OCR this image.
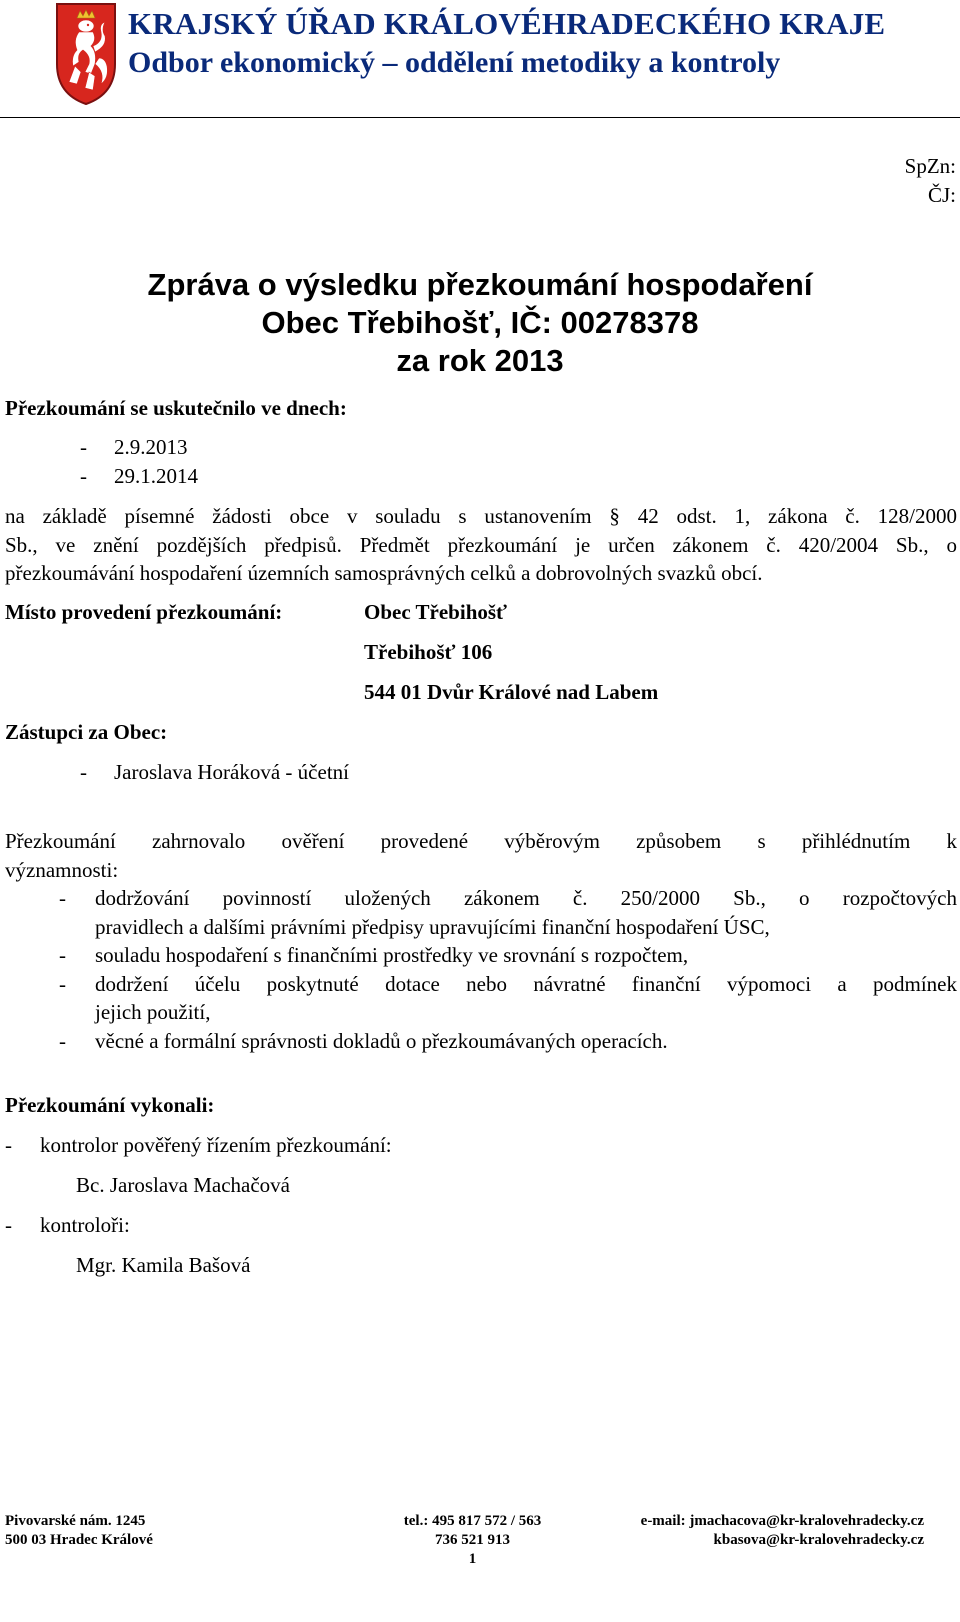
KRAJSKÝ ÚŘAD KRÁLOVÉHRADECKÉHO KRAJE
Odbor ekonomický – oddělení metodiky a kontroly
SpZn:
ČJ:
Zpráva o výsledku přezkoumání hospodaření
Obec Třebihošť, IČ: 00278378
za rok 2013
Přezkoumání se uskutečnilo ve dnech:
- 2.9.2013
- 29.1.2014
na základě písemné žádosti obce v souladu s ustanovením § 42 odst. 1, zákona č. 128/2000
Sb., ve znění pozdějších předpisů. Předmět přezkoumání je určen zákonem č. 420/2004 Sb., o
přezkoumávání hospodaření územních samosprávných celků a dobrovolných svazků obcí.
Místo provedení přezkoumání:	Obec Třebihošť
Třebihošť 106
544 01 Dvůr Králové nad Labem
Zástupci za Obec:
- Jaroslava Horáková - účetní
Přezkoumání zahrnovalo ověření provedené výběrovým způsobem s přihlédnutím k
významnosti:
- dodržování povinností uložených zákonem č. 250/2000 Sb., o rozpočtových
pravidlech a dalšími právními předpisy upravujícími finanční hospodaření ÚSC,
- souladu hospodaření s finančními prostředky ve srovnání s rozpočtem,
- dodržení účelu poskytnuté dotace nebo návratné finanční výpomoci a podmínek
jejich použití,
- věcné a formální správnosti dokladů o přezkoumávaných operacích.
Přezkoumání vykonali:
- kontrolor pověřený řízením přezkoumání:
Bc. Jaroslava Machačová
- kontroloři:
Mgr. Kamila Bašová
Pivovarské nám. 1245
500 03 Hradec Králové
tel.: 495 817 572 / 563
736 521 913
1
e-mail: jmachacova@kr-kralovehradecky.cz
kbasova@kr-kralovehradecky.cz
